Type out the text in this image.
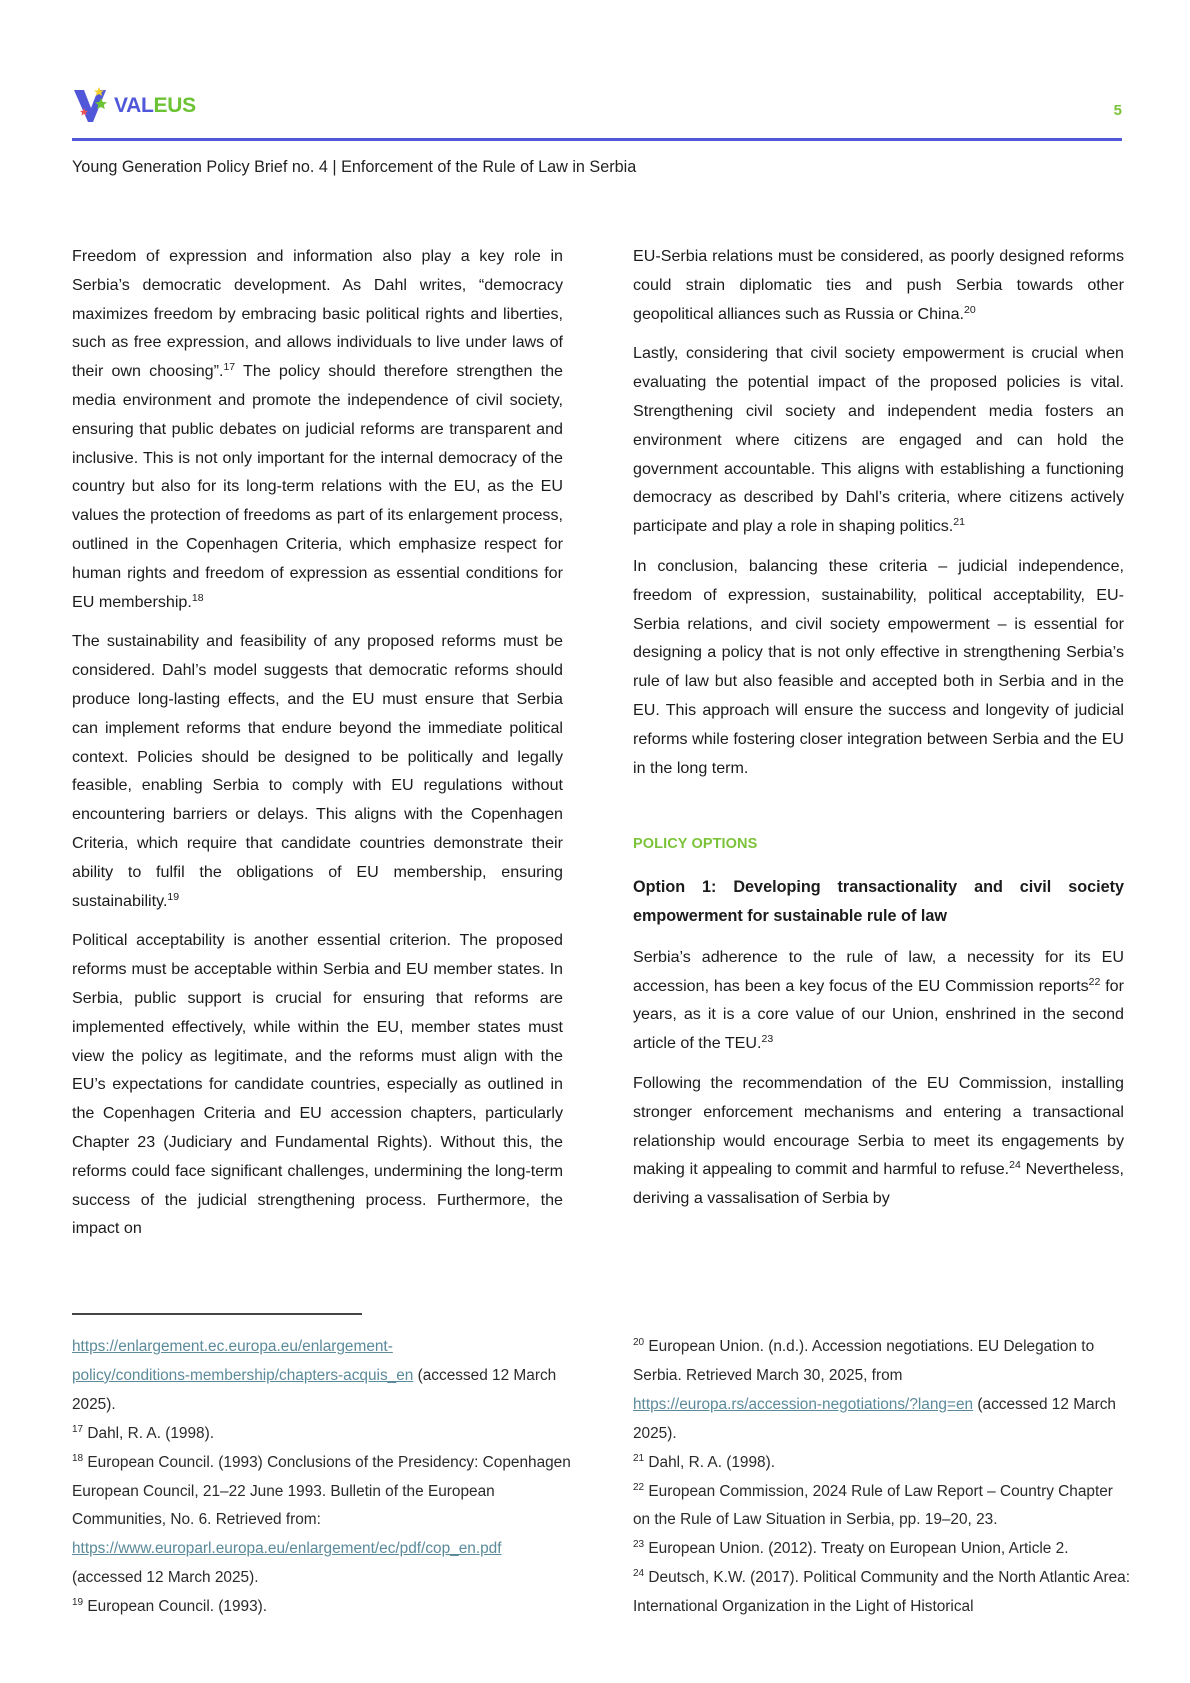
VALEUS	5
Young Generation Policy Brief no. 4 | Enforcement of the Rule of Law in Serbia

Freedom of expression and information also play a key role in Serbia’s democratic development. As Dahl writes, “democracy maximizes freedom by embracing basic political rights and liberties, such as free expression, and allows individuals to live under laws of their own choosing”.$^{17}$ The policy should therefore strengthen the media environment and promote the independence of civil society, ensuring that public debates on judicial reforms are transparent and inclusive. This is not only important for the internal democracy of the country but also for its long-term relations with the EU, as the EU values the protection of freedoms as part of its enlargement process, outlined in the Copenhagen Criteria, which emphasize respect for human rights and freedom of expression as essential conditions for EU membership.$^{18}$

The sustainability and feasibility of any proposed reforms must be considered. Dahl’s model suggests that democratic reforms should produce long-lasting effects, and the EU must ensure that Serbia can implement reforms that endure beyond the immediate political context. Policies should be designed to be politically and legally feasible, enabling Serbia to comply with EU regulations without encountering barriers or delays. This aligns with the Copenhagen Criteria, which require that candidate countries demonstrate their ability to fulfil the obligations of EU membership, ensuring sustainability.$^{19}$

Political acceptability is another essential criterion. The proposed reforms must be acceptable within Serbia and EU member states. In Serbia, public support is crucial for ensuring that reforms are implemented effectively, while within the EU, member states must view the policy as legitimate, and the reforms must align with the EU’s expectations for candidate countries, especially as outlined in the Copenhagen Criteria and EU accession chapters, particularly Chapter 23 (Judiciary and Fundamental Rights). Without this, the reforms could face significant challenges, undermining the long-term success of the judicial strengthening process. Furthermore, the impact on

EU-Serbia relations must be considered, as poorly designed reforms could strain diplomatic ties and push Serbia towards other geopolitical alliances such as Russia or China.$^{20}$

Lastly, considering that civil society empowerment is crucial when evaluating the potential impact of the proposed policies is vital. Strengthening civil society and independent media fosters an environment where citizens are engaged and can hold the government accountable. This aligns with establishing a functioning democracy as described by Dahl’s criteria, where citizens actively participate and play a role in shaping politics.$^{21}$

In conclusion, balancing these criteria – judicial independence, freedom of expression, sustainability, political acceptability, EU-Serbia relations, and civil society empowerment – is essential for designing a policy that is not only effective in strengthening Serbia’s rule of law but also feasible and accepted both in Serbia and in the EU. This approach will ensure the success and longevity of judicial reforms while fostering closer integration between Serbia and the EU in the long term.

POLICY OPTIONS

Option 1: Developing transactionality and civil society empowerment for sustainable rule of law

Serbia’s adherence to the rule of law, a necessity for its EU accession, has been a key focus of the EU Commission reports$^{22}$ for years, as it is a core value of our Union, enshrined in the second article of the TEU.$^{23}$

Following the recommendation of the EU Commission, installing stronger enforcement mechanisms and entering a transactional relationship would encourage Serbia to meet its engagements by making it appealing to commit and harmful to refuse.$^{24}$ Nevertheless, deriving a vassalisation of Serbia by

https://enlargement.ec.europa.eu/enlargement-
policy/conditions-membership/chapters-acquis_en (accessed 12 March 2025).
$^{17}$ Dahl, R. A. (1998).
$^{18}$ European Council. (1993) Conclusions of the Presidency: Copenhagen European Council, 21–22 June 1993. Bulletin of the European Communities, No. 6. Retrieved from:
https://www.europarl.europa.eu/enlargement/ec/pdf/cop_en.pdf
(accessed 12 March 2025).
$^{19}$ European Council. (1993).
$^{20}$ European Union. (n.d.). Accession negotiations. EU Delegation to Serbia. Retrieved March 30, 2025, from
https://europa.rs/accession-negotiations/?lang=en (accessed 12 March 2025).
$^{21}$ Dahl, R. A. (1998).
$^{22}$ European Commission, 2024 Rule of Law Report – Country Chapter on the Rule of Law Situation in Serbia, pp. 19–20, 23.
$^{23}$ European Union. (2012). Treaty on European Union, Article 2.
$^{24}$ Deutsch, K.W. (2017). Political Community and the North Atlantic Area: International Organization in the Light of Historical
